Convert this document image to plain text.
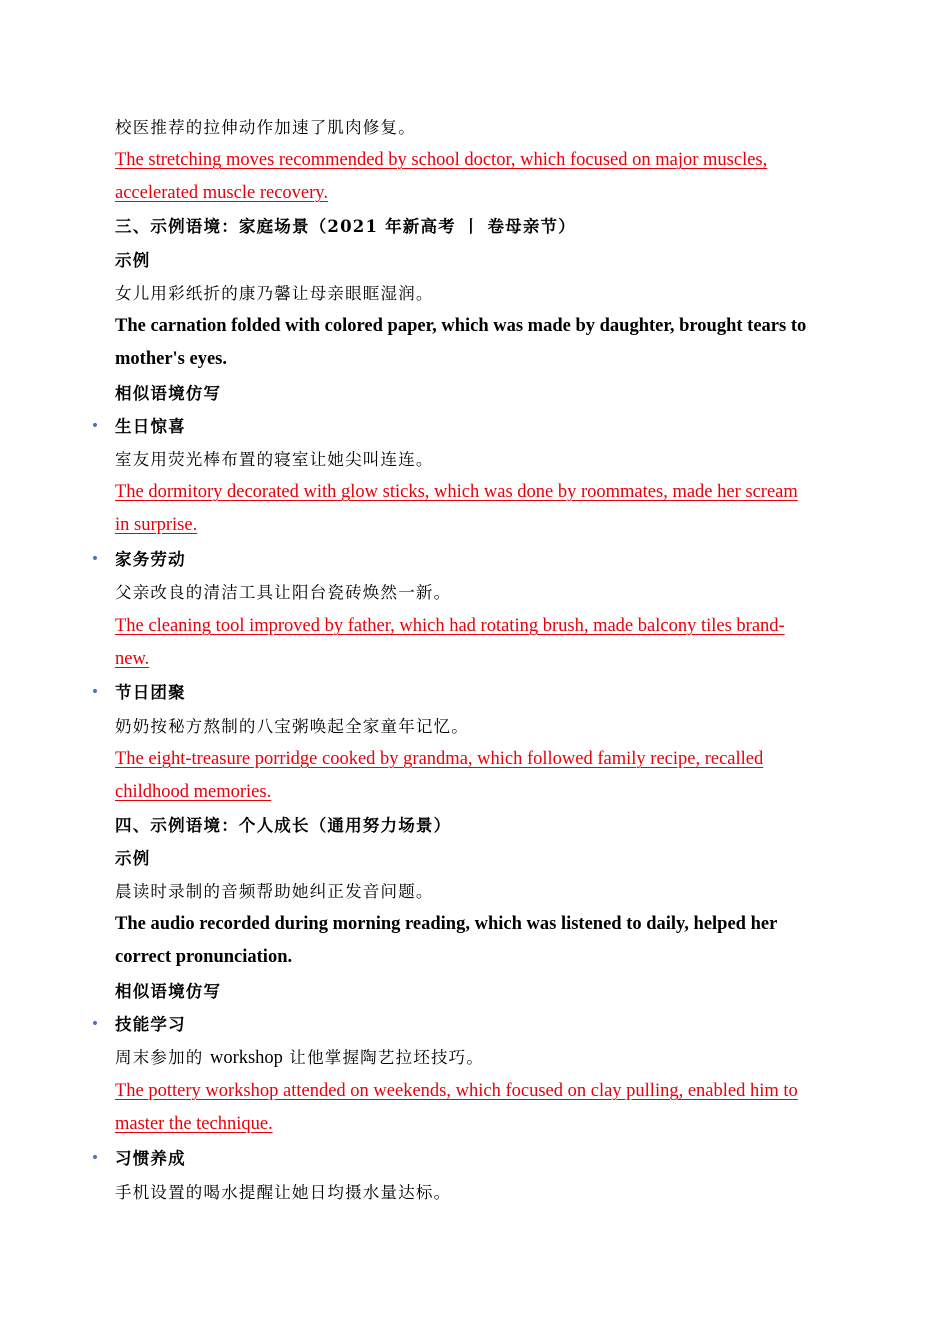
校医推荐的拉伸动作加速了肌肉修复。
The stretching moves recommended by school doctor, which focused on major muscles,
accelerated muscle recovery.
三、示例语境：家庭场景（2021 年新高考 丨 卷母亲节）
示例
女儿用彩纸折的康乃馨让母亲眼眶湿润。
The carnation folded with colored paper, which was made by daughter, brought tears to
mother's eyes.
相似语境仿写
• 生日惊喜
室友用荧光棒布置的寝室让她尖叫连连。
The dormitory decorated with glow sticks, which was done by roommates, made her scream
in surprise.
• 家务劳动
父亲改良的清洁工具让阳台瓷砖焕然一新。
The cleaning tool improved by father, which had rotating brush, made balcony tiles brand-
new.
• 节日团聚
奶奶按秘方熬制的八宝粥唤起全家童年记忆。
The eight-treasure porridge cooked by grandma, which followed family recipe, recalled
childhood memories.
四、示例语境：个人成长（通用努力场景）
示例
晨读时录制的音频帮助她纠正发音问题。
The audio recorded during morning reading, which was listened to daily, helped her
correct pronunciation.
相似语境仿写
• 技能学习
周末参加的 workshop 让他掌握陶艺拉坯技巧。
The pottery workshop attended on weekends, which focused on clay pulling, enabled him to
master the technique.
• 习惯养成
手机设置的喝水提醒让她日均摄水量达标。
